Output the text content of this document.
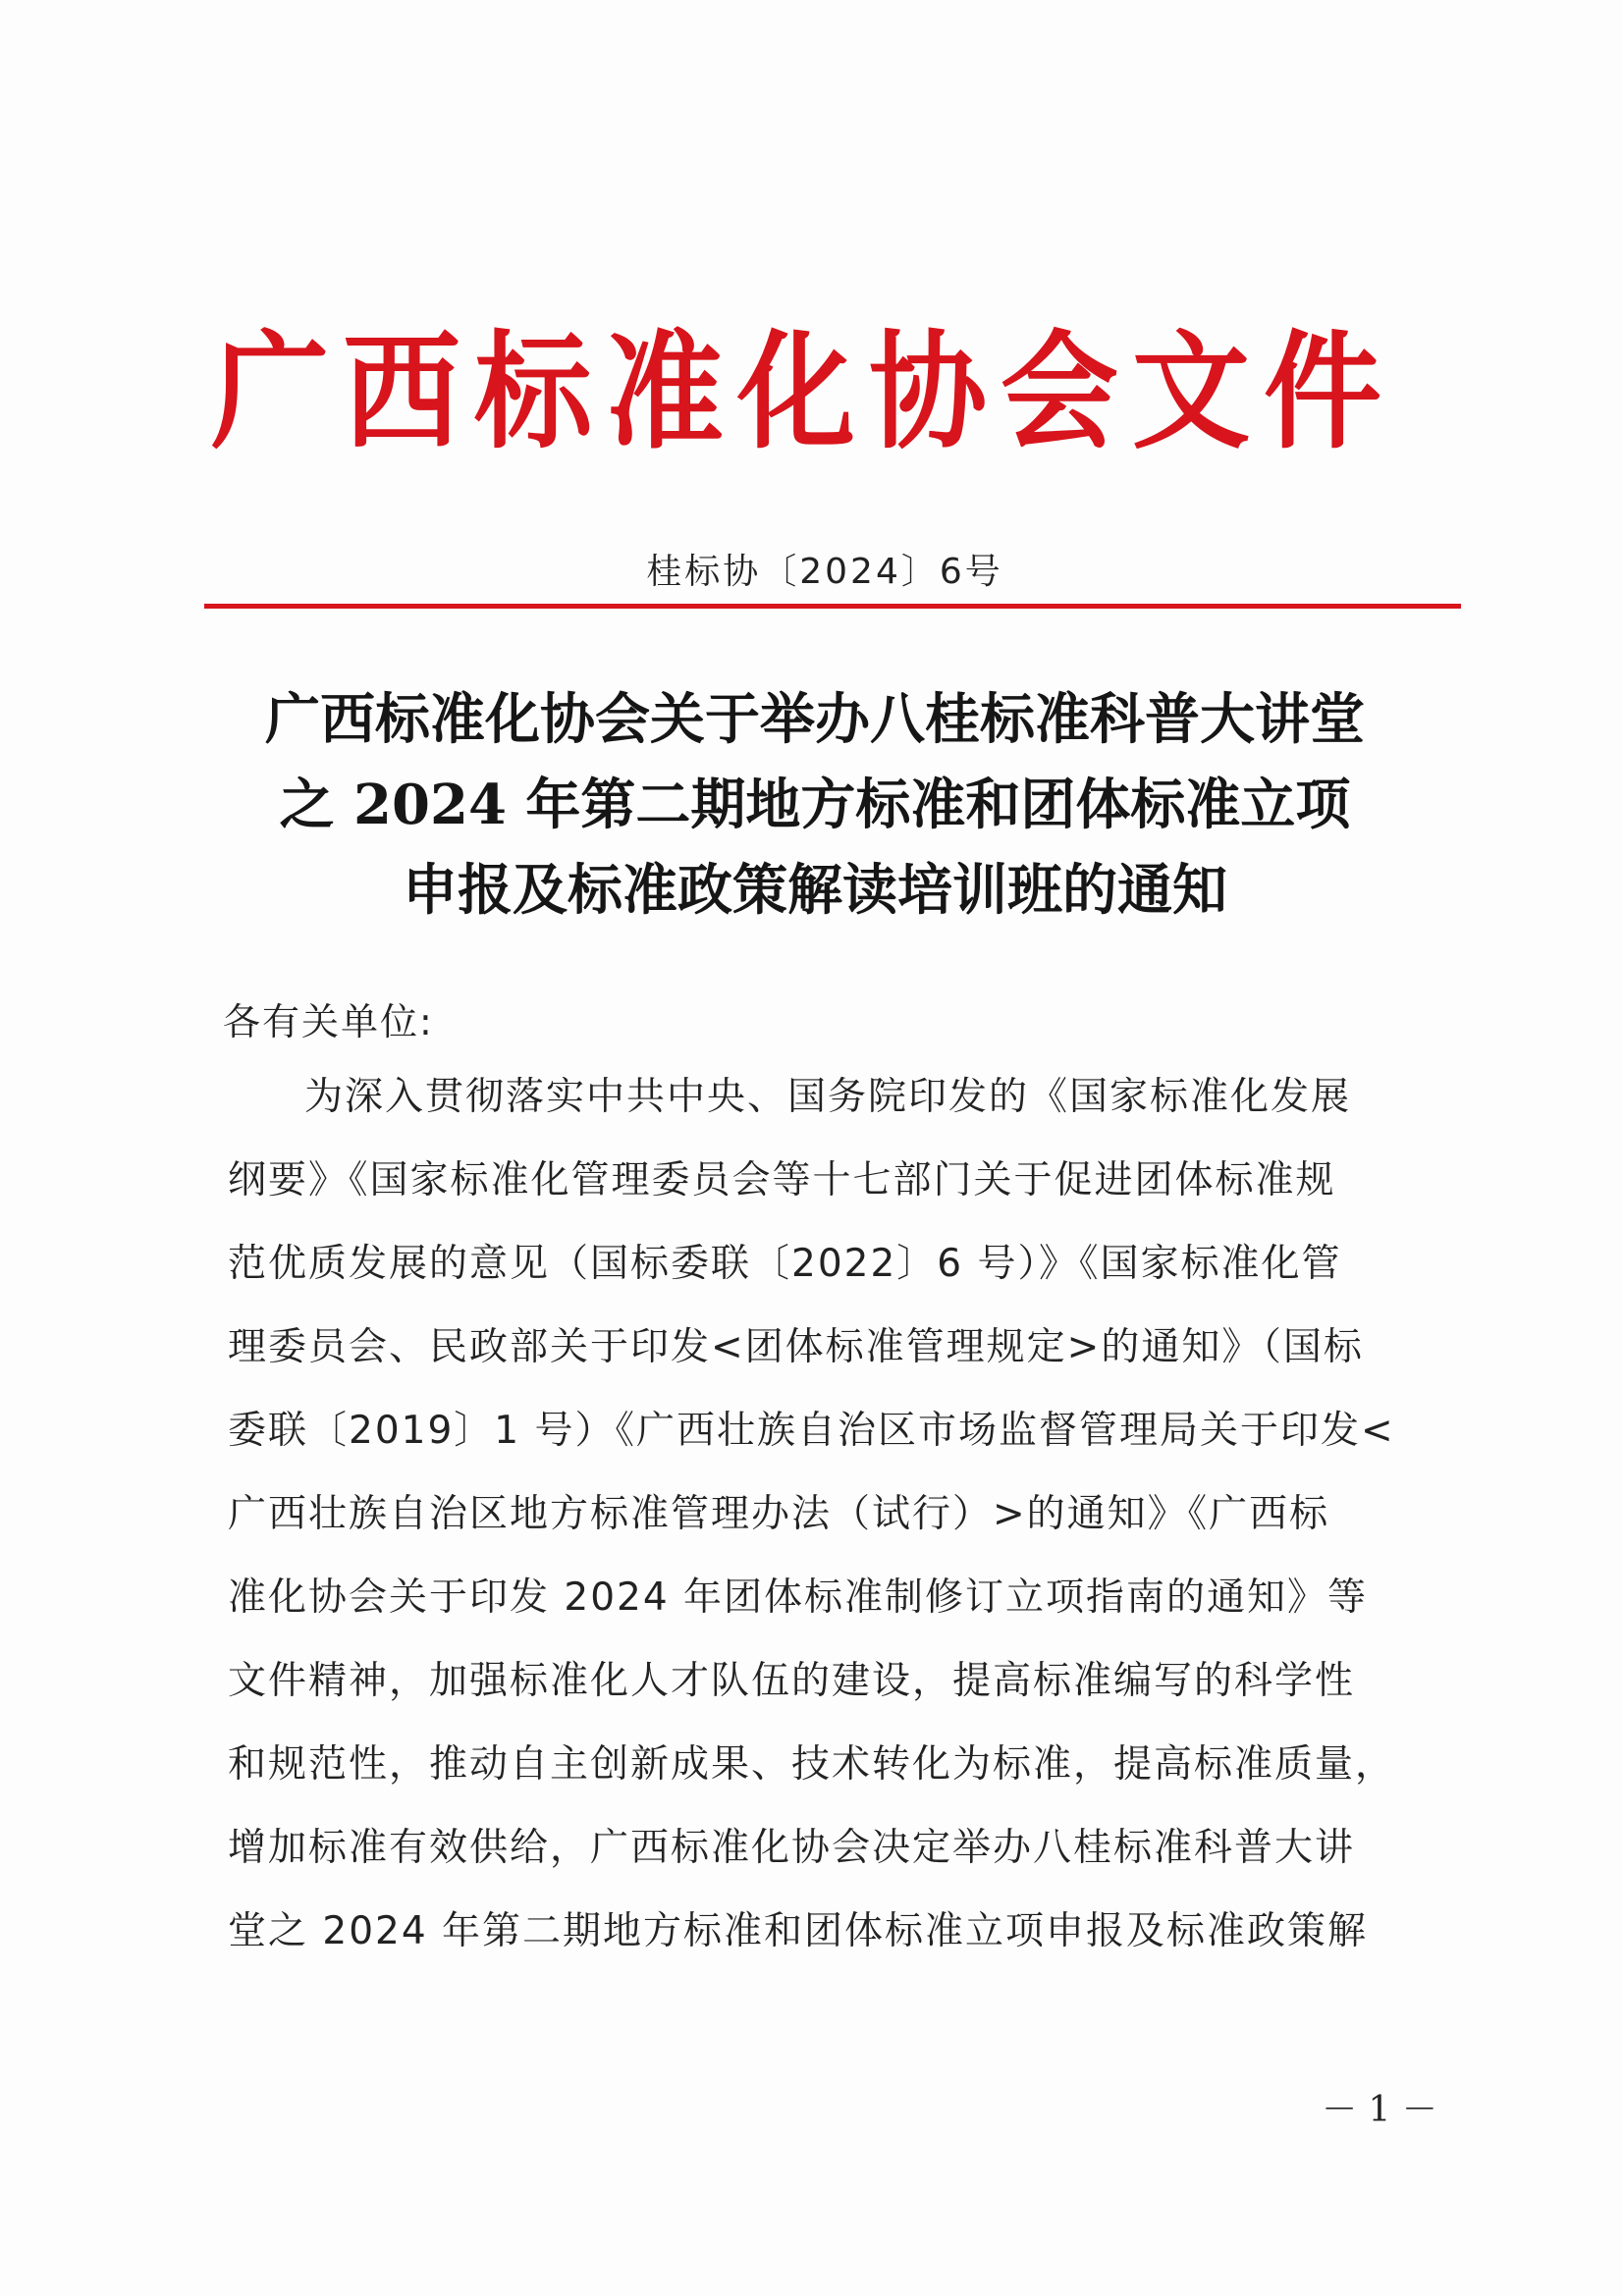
广西标准化协会文件
桂标协〔2024〕6号
广西标准化协会关于举办八桂标准科普大讲堂
之 2024 年第二期地方标准和团体标准立项
申报及标准政策解读培训班的通知
各有关单位:
为深入贯彻落实中共中央、国务院印发的《国家标准化发展
纲要》《国家标准化管理委员会等十七部门关于促进团体标准规
范优质发展的意见（国标委联〔2022〕6 号）》《国家标准化管
理委员会、民政部关于印发<团体标准管理规定>的通知》（国标
委联〔2019〕1 号）《广西壮族自治区市场监督管理局关于印发<
广西壮族自治区地方标准管理办法（试行）>的通知》《广西标
准化协会关于印发 2024 年团体标准制修订立项指南的通知》等
文件精神，加强标准化人才队伍的建设，提高标准编写的科学性
和规范性，推动自主创新成果、技术转化为标准，提高标准质量，
增加标准有效供给，广西标准化协会决定举办八桂标准科普大讲
堂之 2024 年第二期地方标准和团体标准立项申报及标准政策解
－ 1 －
